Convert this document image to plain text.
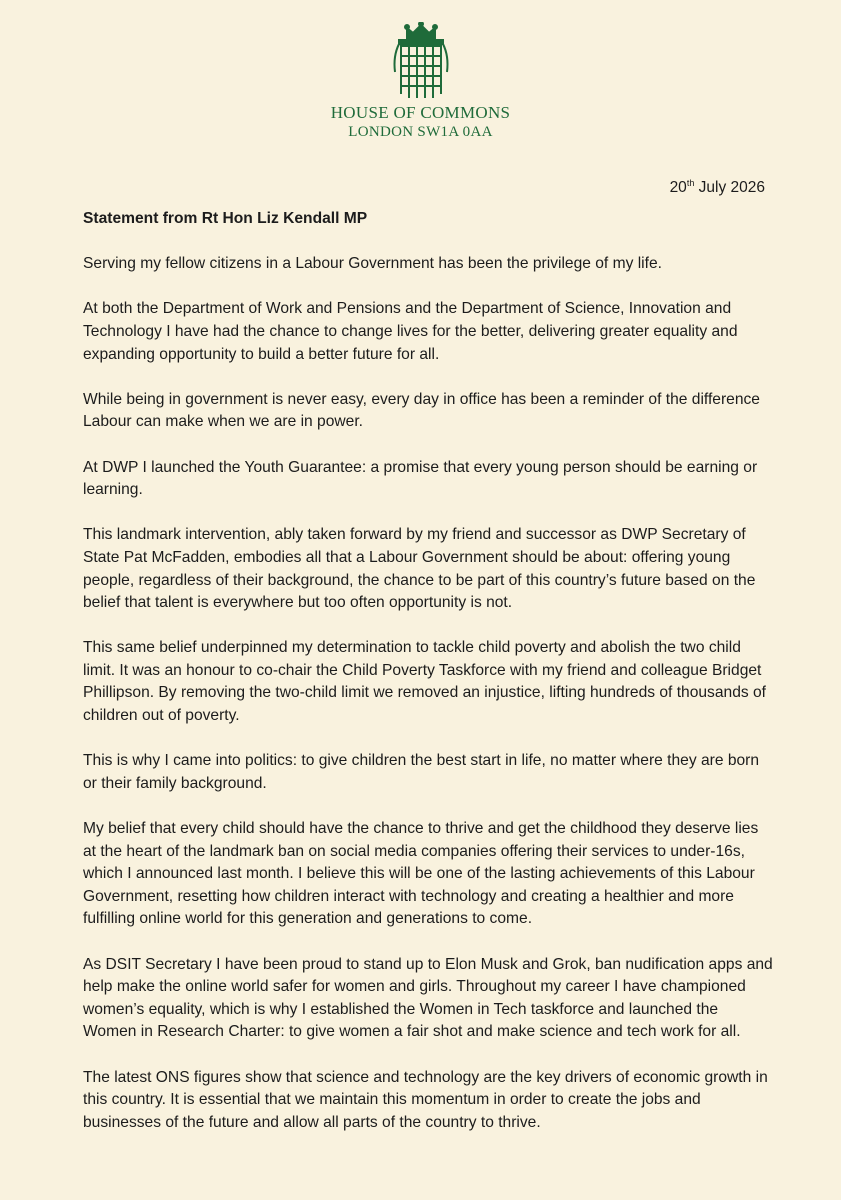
HOUSE OF COMMONS
LONDON SW1A 0AA
20th July 2026

Statement from Rt Hon Liz Kendall MP

Serving my fellow citizens in a Labour Government has been the privilege of my life.

At both the Department of Work and Pensions and the Department of Science, Innovation and Technology I have had the chance to change lives for the better, delivering greater equality and expanding opportunity to build a better future for all.

While being in government is never easy, every day in office has been a reminder of the difference Labour can make when we are in power.

At DWP I launched the Youth Guarantee: a promise that every young person should be earning or learning.

This landmark intervention, ably taken forward by my friend and successor as DWP Secretary of State Pat McFadden, embodies all that a Labour Government should be about: offering young people, regardless of their background, the chance to be part of this country’s future based on the belief that talent is everywhere but too often opportunity is not.

This same belief underpinned my determination to tackle child poverty and abolish the two child limit. It was an honour to co-chair the Child Poverty Taskforce with my friend and colleague Bridget Phillipson. By removing the two-child limit we removed an injustice, lifting hundreds of thousands of children out of poverty.

This is why I came into politics: to give children the best start in life, no matter where they are born or their family background.

My belief that every child should have the chance to thrive and get the childhood they deserve lies at the heart of the landmark ban on social media companies offering their services to under-16s, which I announced last month. I believe this will be one of the lasting achievements of this Labour Government, resetting how children interact with technology and creating a healthier and more fulfilling online world for this generation and generations to come.

As DSIT Secretary I have been proud to stand up to Elon Musk and Grok, ban nudification apps and help make the online world safer for women and girls. Throughout my career I have championed women’s equality, which is why I established the Women in Tech taskforce and launched the Women in Research Charter: to give women a fair shot and make science and tech work for all.

The latest ONS figures show that science and technology are the key drivers of economic growth in this country. It is essential that we maintain this momentum in order to create the jobs and businesses of the future and allow all parts of the country to thrive.
